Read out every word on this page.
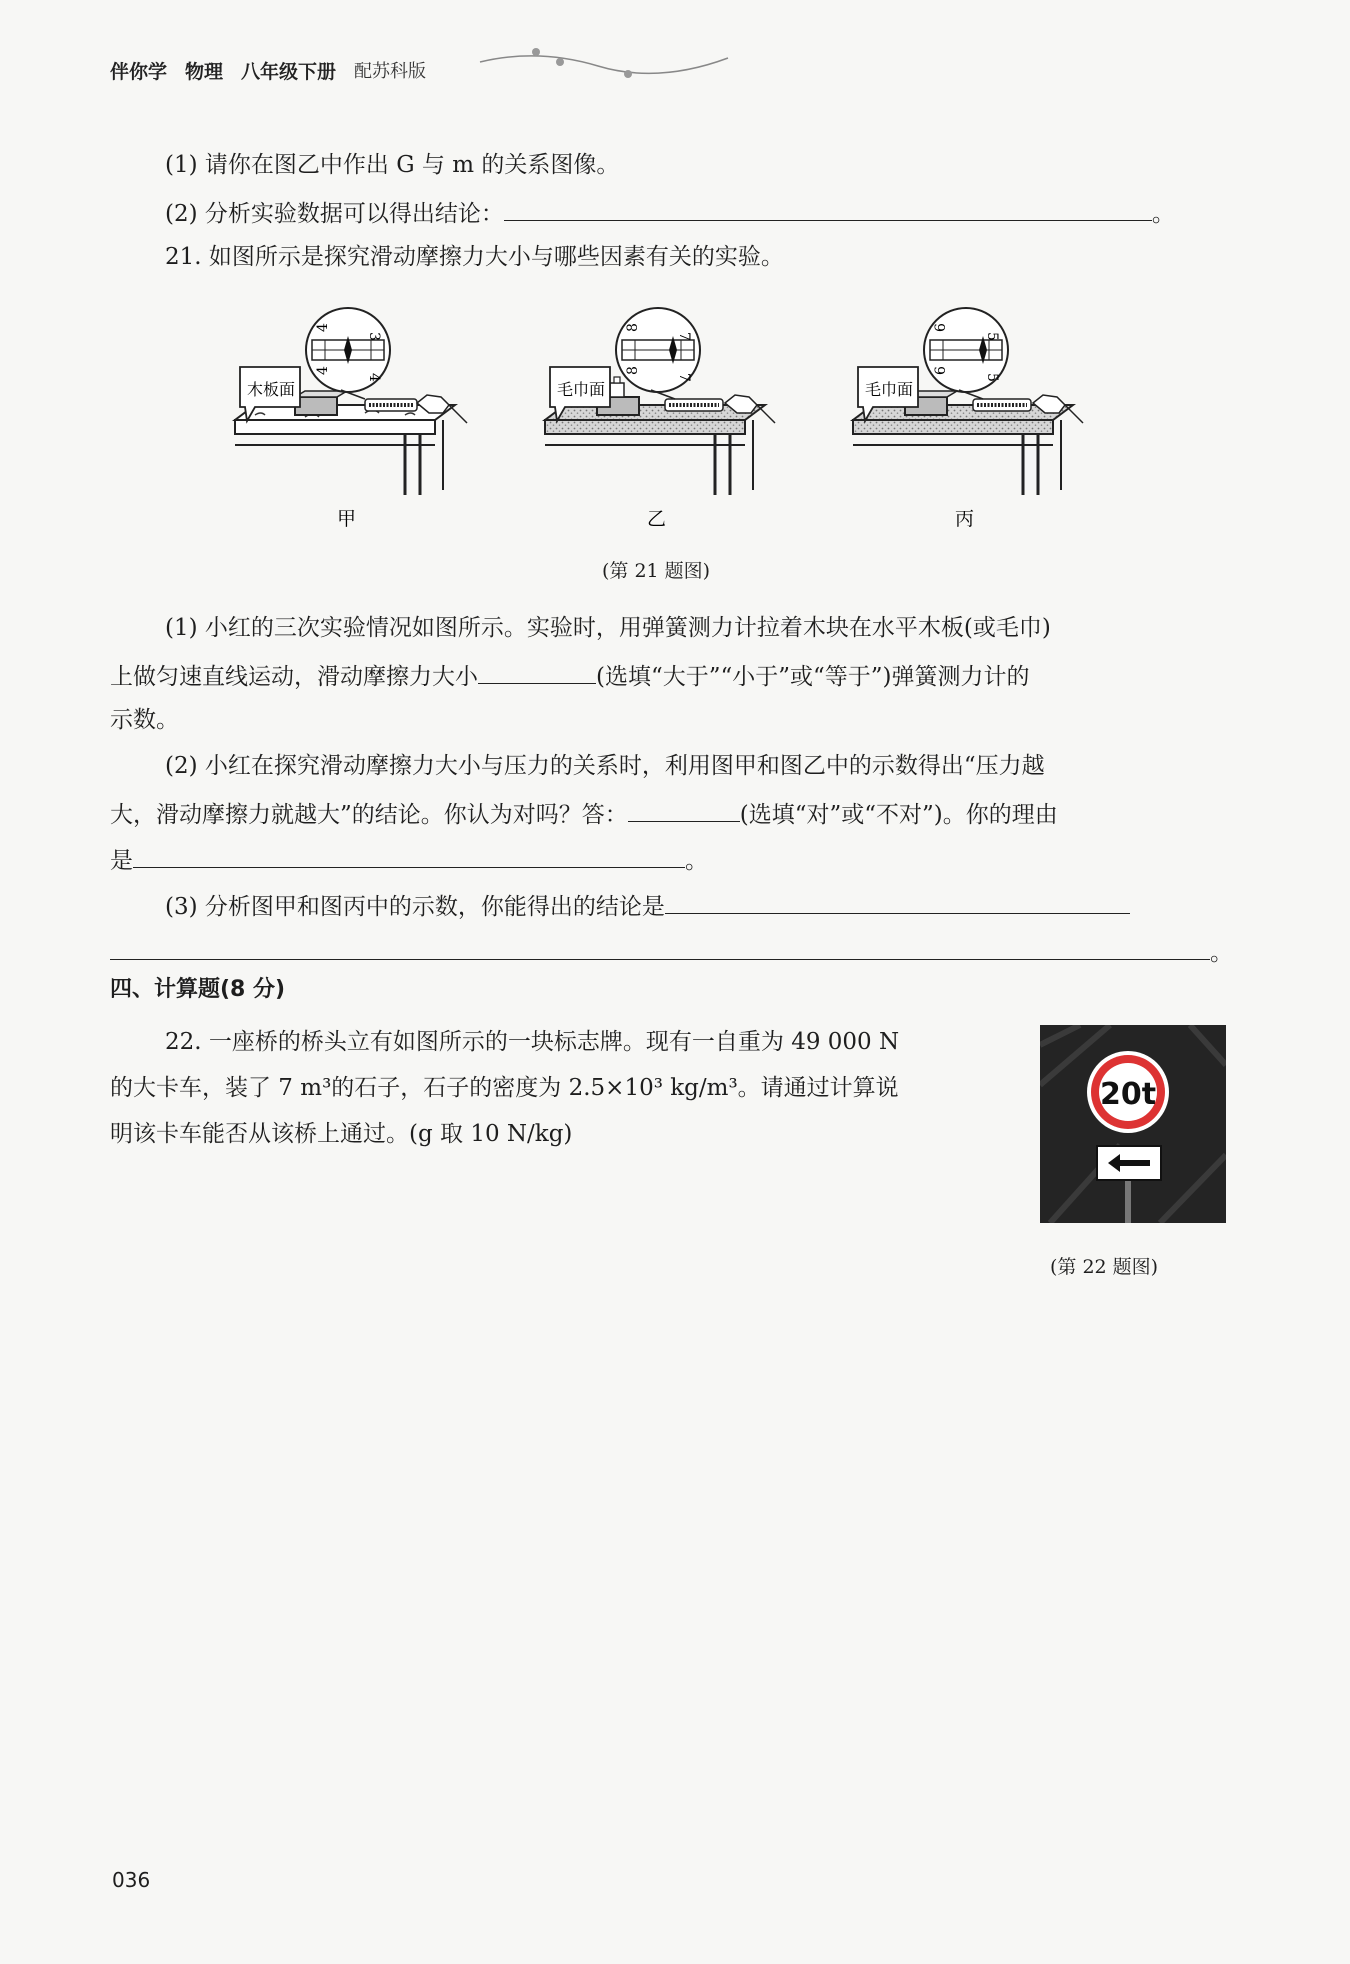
伴你学 物理 八年级下册 配苏科版
(1) 请你在图乙中作出 G 与 m 的关系图像。
(2) 分析实验数据可以得出结论：	。
21. 如图所示是探究滑动摩擦力大小与哪些因素有关的实验。
木板面
3
4
4
4
甲
毛巾面
7
7
8
8
乙
毛巾面
5
5
6
6
丙
(第 21 题图)
(1) 小红的三次实验情况如图所示。实验时，用弹簧测力计拉着木块在水平木板(或毛巾)
上做匀速直线运动，滑动摩擦力大小	(选填“大于”“小于”或“等于”)弹簧测力计的
示数。
(2) 小红在探究滑动摩擦力大小与压力的关系时，利用图甲和图乙中的示数得出“压力越
大，滑动摩擦力就越大”的结论。你认为对吗？答：	(选填“对”或“不对”)。你的理由
是	。
(3) 分析图甲和图丙中的示数，你能得出的结论是
。
四、计算题(8 分)
22. 一座桥的桥头立有如图所示的一块标志牌。现有一自重为 49 000 N
的大卡车，装了 7 m³的石子，石子的密度为 2.5×10³ kg/m³。请通过计算说
明该卡车能否从该桥上通过。(g 取 10 N/kg)
20t
(第 22 题图)
036
